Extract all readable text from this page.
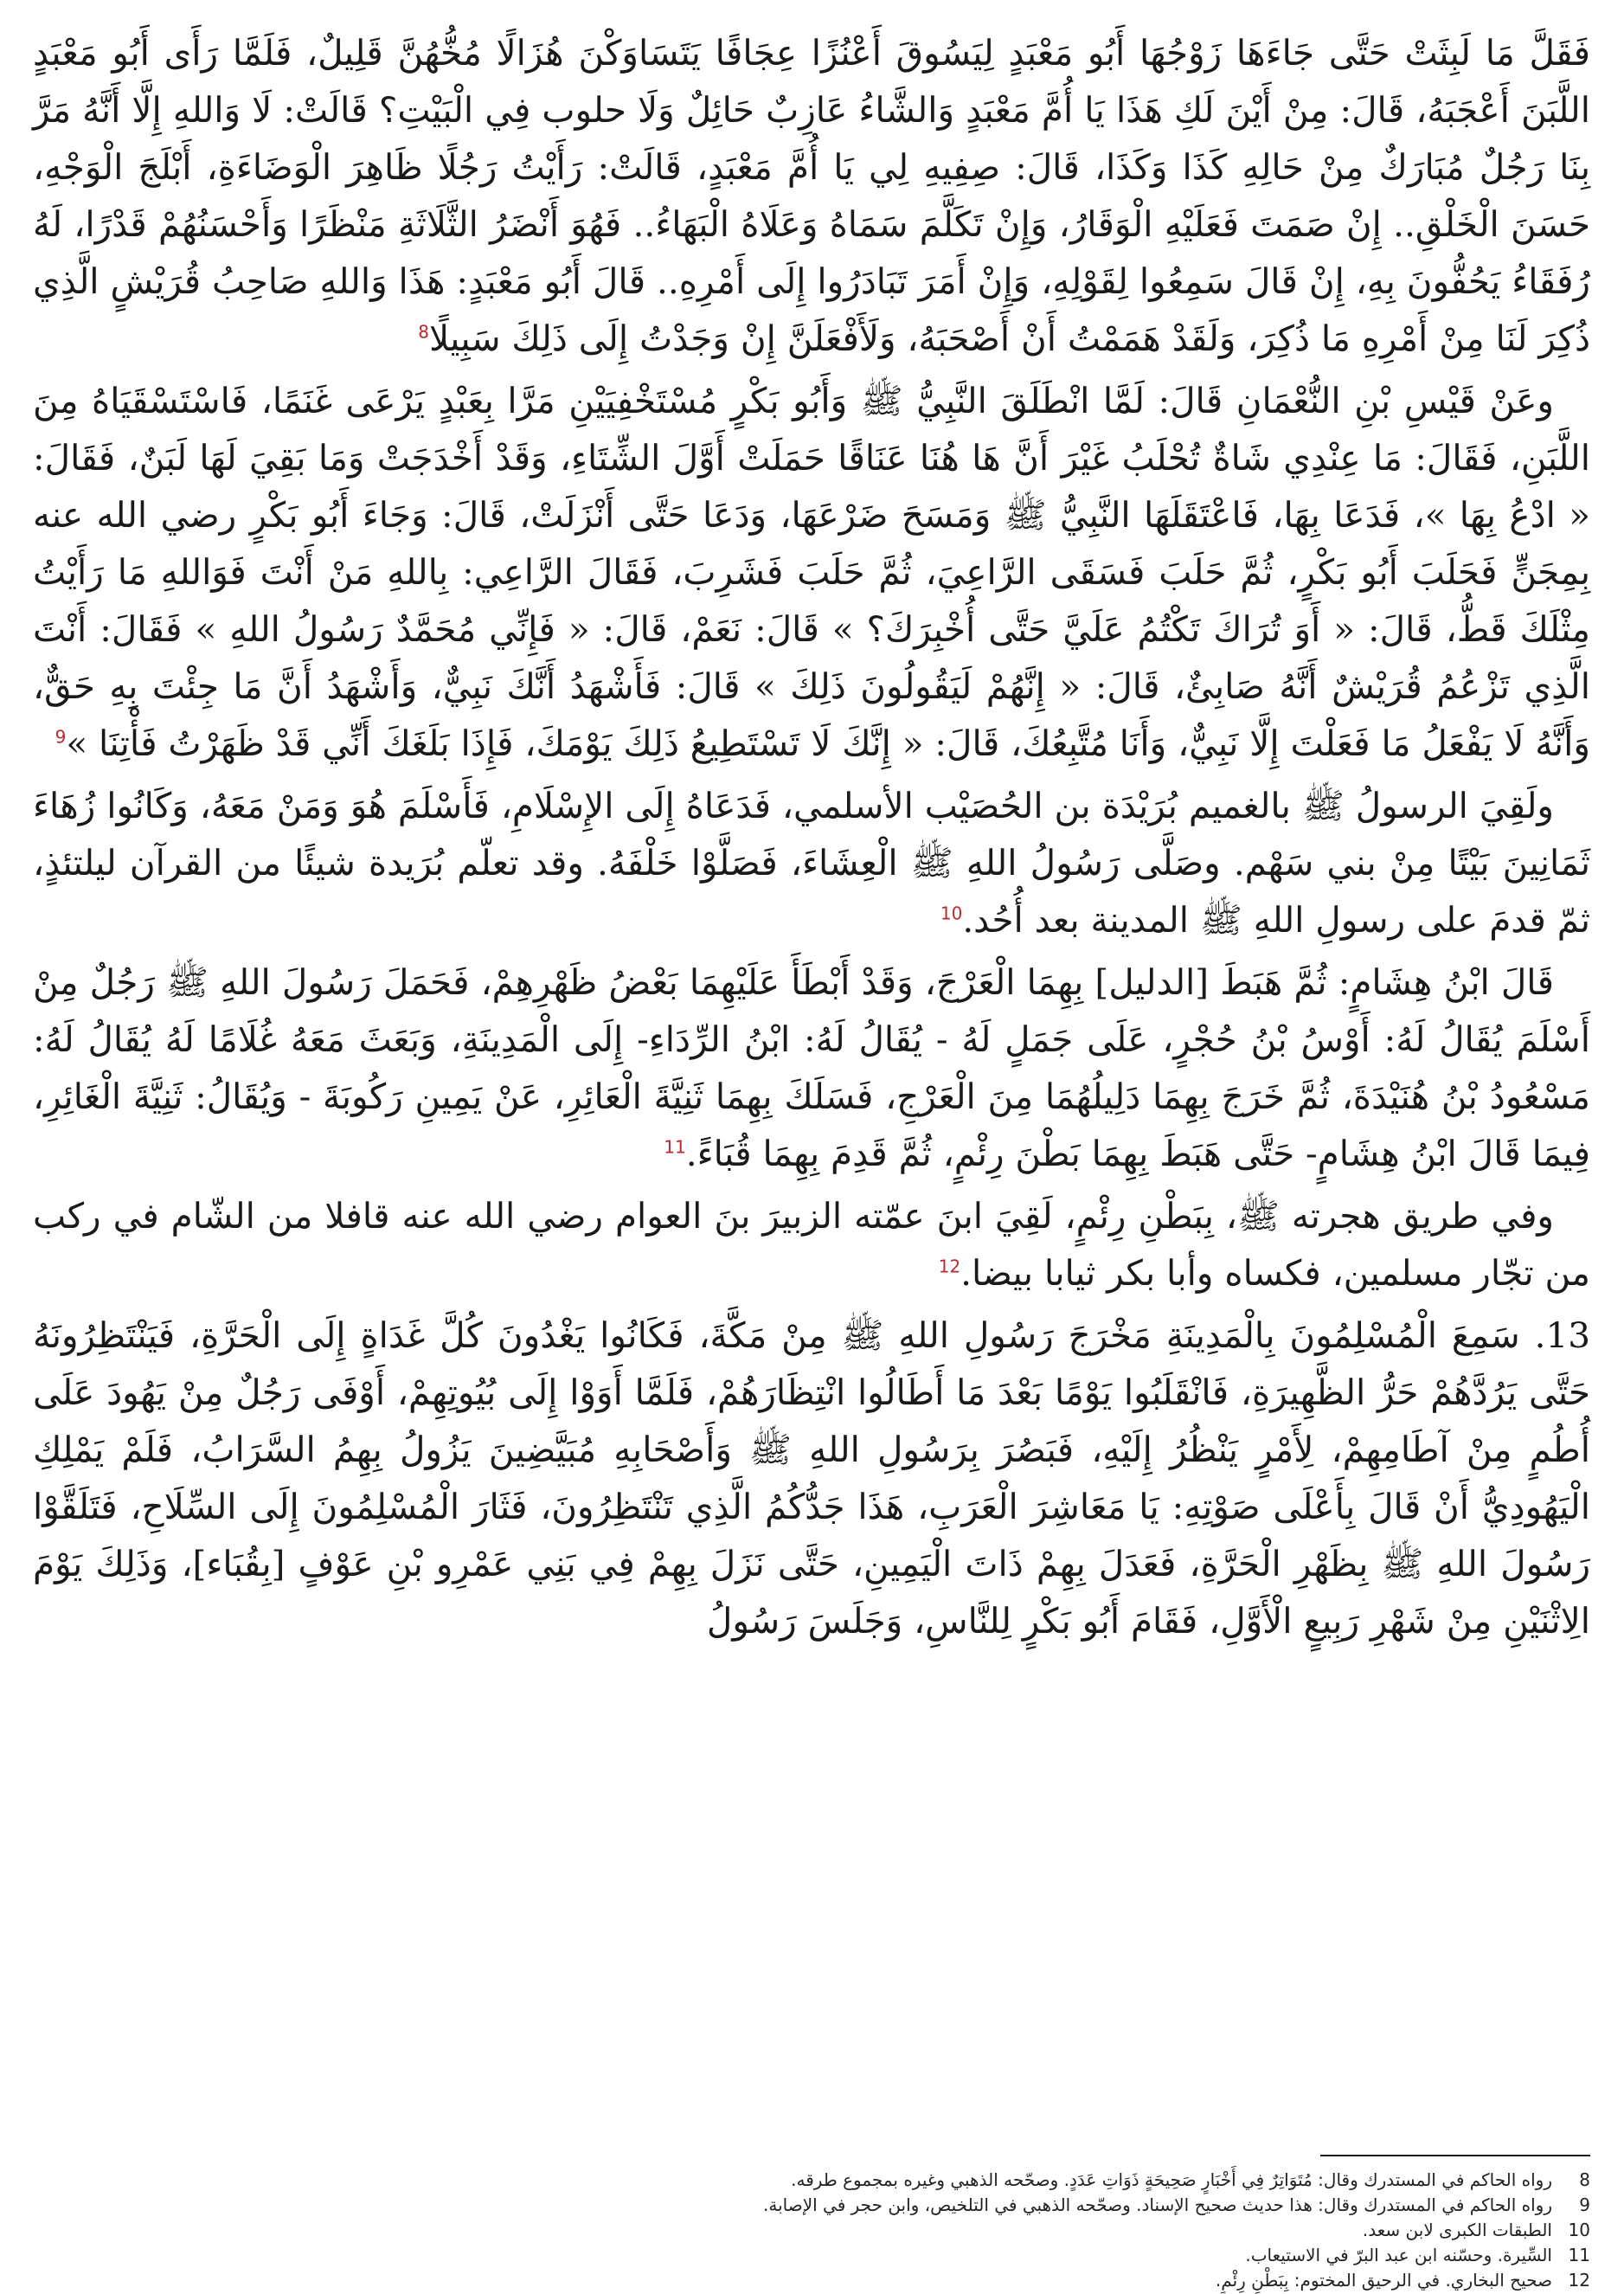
فَقَلَّ مَا لَبِثَتْ حَتَّى جَاءَهَا زَوْجُهَا أَبُو مَعْبَدٍ لِيَسُوقَ أَعْنُزًا عِجَافًا يَتَسَاوَكْنَ هُزَالًا مُخُّهُنَّ قَلِيلٌ، فَلَمَّا رَأَى أَبُو مَعْبَدٍ اللَّبَنَ أَعْجَبَهُ، قَالَ: مِنْ أَيْنَ لَكِ هَذَا يَا أُمَّ مَعْبَدٍ وَالشَّاءُ عَازِبٌ حَائِلٌ وَلَا حلوب فِي الْبَيْتِ؟ قَالَتْ: لَا وَاللهِ إِلَّا أَنَّهُ مَرَّ بِنَا رَجُلٌ مُبَارَكٌ مِنْ حَالِهِ كَذَا وَكَذَا، قَالَ: صِفِيهِ لِي يَا أُمَّ مَعْبَدٍ، قَالَتْ: رَأَيْتُ رَجُلًا ظَاهِرَ الْوَضَاءَةِ، أَبْلَجَ الْوَجْهِ، حَسَنَ الْخَلْقِ.. إِنْ صَمَتَ فَعَلَيْهِ الْوَقَارُ، وَإِنْ تَكَلَّمَ سَمَاهُ وَعَلَاهُ الْبَهَاءُ.. فَهُوَ أَنْضَرُ الثَّلَاثَةِ مَنْظَرًا وَأَحْسَنُهُمْ قَدْرًا، لَهُ رُفَقَاءُ يَحُفُّونَ بِهِ، إِنْ قَالَ سَمِعُوا لِقَوْلِهِ، وَإِنْ أَمَرَ تَبَادَرُوا إِلَى أَمْرِهِ.. قَالَ أَبُو مَعْبَدٍ: هَذَا وَاللهِ صَاحِبُ قُرَيْشٍ الَّذِي ذُكِرَ لَنَا مِنْ أَمْرِهِ مَا ذُكِرَ، وَلَقَدْ هَمَمْتُ أَنْ أَصْحَبَهُ، وَلَأَفْعَلَنَّ إِنْ وَجَدْتُ إِلَى ذَلِكَ سَبِيلًا$^8$

وعَنْ قَيْسِ بْنِ النُّعْمَانِ قَالَ: لَمَّا انْطَلَقَ النَّبِيُّ ﷺ وَأَبُو بَكْرٍ مُسْتَخْفِيَيْنِ مَرَّا بِعَبْدٍ يَرْعَى غَنَمًا، فَاسْتَسْقَيَاهُ مِنَ اللَّبَنِ، فَقَالَ: مَا عِنْدِي شَاةٌ تُحْلَبُ غَيْرَ أَنَّ هَا هُنَا عَنَاقًا حَمَلَتْ أَوَّلَ الشِّتَاءِ، وَقَدْ أَخْدَجَتْ وَمَا بَقِيَ لَهَا لَبَنٌ، فَقَالَ: « ادْعُ بِهَا »، فَدَعَا بِهَا، فَاعْتَقَلَهَا النَّبِيُّ ﷺ وَمَسَحَ ضَرْعَهَا، وَدَعَا حَتَّى أَنْزَلَتْ، قَالَ: وَجَاءَ أَبُو بَكْرٍ رضي الله عنه بِمِجَنٍّ فَحَلَبَ أَبُو بَكْرٍ، ثُمَّ حَلَبَ فَسَقَى الرَّاعِيَ، ثُمَّ حَلَبَ فَشَرِبَ، فَقَالَ الرَّاعِي: بِاللهِ مَنْ أَنْتَ فَوَاللهِ مَا رَأَيْتُ مِثْلَكَ قَطُّ، قَالَ: « أَوَ تُرَاكَ تَكْتُمُ عَلَيَّ حَتَّى أُخْبِرَكَ؟ » قَالَ: نَعَمْ، قَالَ: « فَإِنِّي مُحَمَّدٌ رَسُولُ اللهِ » فَقَالَ: أَنْتَ الَّذِي تَزْعُمُ قُرَيْشٌ أَنَّهُ صَابِئٌ، قَالَ: « إِنَّهُمْ لَيَقُولُونَ ذَلِكَ » قَالَ: فَأَشْهَدُ أَنَّكَ نَبِيٌّ، وَأَشْهَدُ أَنَّ مَا جِئْتَ بِهِ حَقٌّ، وَأَنَّهُ لَا يَفْعَلُ مَا فَعَلْتَ إِلَّا نَبِيٌّ، وَأَنَا مُتَّبِعُكَ، قَالَ: « إِنَّكَ لَا تَسْتَطِيعُ ذَلِكَ يَوْمَكَ، فَإِذَا بَلَغَكَ أَنِّي قَدْ ظَهَرْتُ فَأْتِنَا »$^9$

ولَقِيَ الرسولُ ﷺ بالغميم بُرَيْدَة بن الحُصَيْب الأسلمي، فَدَعَاهُ إِلَى الإِسْلَامِ، فَأَسْلَمَ هُوَ وَمَنْ مَعَهُ، وَكَانُوا زُهَاءَ ثَمَانِينَ بَيْتًا مِنْ بني سَهْم. وصَلَّى رَسُولُ اللهِ ﷺ الْعِشَاءَ، فَصَلَّوْا خَلْفَهُ. وقد تعلّم بُرَيدة شيئًا من القرآن ليلتئذٍ، ثمّ قدمَ على رسولِ اللهِ ﷺ المدينة بعد أُحُد.$^{10}$

قَالَ ابْنُ هِشَامٍ: ثُمَّ هَبَطَ [الدليل] بِهِمَا الْعَرْجَ، وَقَدْ أَبْطَأَ عَلَيْهِمَا بَعْضُ ظَهْرِهِمْ، فَحَمَلَ رَسُولَ اللهِ ﷺ رَجُلٌ مِنْ أَسْلَمَ يُقَالُ لَهُ: أَوْسُ بْنُ حُجْرٍ، عَلَى جَمَلٍ لَهُ - يُقَالُ لَهُ: ابْنُ الرِّدَاءِ- إِلَى الْمَدِينَةِ، وَبَعَثَ مَعَهُ غُلَامًا لَهُ يُقَالُ لَهُ: مَسْعُودُ بْنُ هُنَيْدَةَ، ثُمَّ خَرَجَ بِهِمَا دَلِيلُهُمَا مِنَ الْعَرْجِ، فَسَلَكَ بِهِمَا ثَنِيَّةَ الْعَائِرِ، عَنْ يَمِينِ رَكُوبَةَ - وَيُقَالُ: ثَنِيَّةَ الْغَائِرِ، فِيمَا قَالَ ابْنُ هِشَامٍ- حَتَّى هَبَطَ بِهِمَا بَطْنَ رِئْمٍ، ثُمَّ قَدِمَ بِهِمَا قُبَاءً.$^{11}$

وفي طريق هجرته ﷺ، بِبَطْنِ رِئْمٍ، لَقِيَ ابنَ عمّته الزبيرَ بنَ العوام رضي الله عنه قافلا من الشّام في ركب من تجّار مسلمين، فكساه وأبا بكر ثيابا بيضا.$^{12}$

13. سَمِعَ الْمُسْلِمُونَ بِالْمَدِينَةِ مَخْرَجَ رَسُولِ اللهِ ﷺ مِنْ مَكَّةَ، فَكَانُوا يَغْدُونَ كُلَّ غَدَاةٍ إِلَى الْحَرَّةِ، فَيَنْتَظِرُونَهُ حَتَّى يَرُدَّهُمْ حَرُّ الظَّهِيرَةِ، فَانْقَلَبُوا يَوْمًا بَعْدَ مَا أَطَالُوا انْتِظَارَهُمْ، فَلَمَّا أَوَوْا إِلَى بُيُوتِهِمْ، أَوْفَى رَجُلٌ مِنْ يَهُودَ عَلَى أُطُمٍ مِنْ آطَامِهِمْ، لِأَمْرٍ يَنْظُرُ إِلَيْهِ، فَبَصُرَ بِرَسُولِ اللهِ ﷺ وَأَصْحَابِهِ مُبَيَّضِينَ يَزُولُ بِهِمُ السَّرَابُ، فَلَمْ يَمْلِكِ الْيَهُودِيُّ أَنْ قَالَ بِأَعْلَى صَوْتِهِ: يَا مَعَاشِرَ الْعَرَبِ، هَذَا جَدُّكُمُ الَّذِي تَنْتَظِرُونَ، فَثَارَ الْمُسْلِمُونَ إِلَى السِّلَاحِ، فَتَلَقَّوْا رَسُولَ اللهِ ﷺ بِظَهْرِ الْحَرَّةِ، فَعَدَلَ بِهِمْ ذَاتَ الْيَمِينِ، حَتَّى نَزَلَ بِهِمْ فِي بَنِي عَمْرِو بْنِ عَوْفٍ [بِقُبَاء]، وَذَلِكَ يَوْمَ الِاثْنَيْنِ مِنْ شَهْرِ رَبِيعٍ الْأَوَّلِ، فَقَامَ أَبُو بَكْرٍ لِلنَّاسِ، وَجَلَسَ رَسُولُ

8
رواه الحاكم في المستدرك وقال: مُتَوَاتِرٌ فِي أَخْبَارٍ صَحِيحَةٍ ذَوَاتِ عَدَدٍ. وصحّحه الذهبي وغيره بمجموع طرقه.
9
رواه الحاكم في المستدرك وقال: هذا حديث صحيح الإسناد. وصحّحه الذهبي في التلخيص، وابن حجر في الإصابة.
10
الطبقات الكبرى لابن سعد.
11
السِّيرة. وحسّنه ابن عبد البرّ في الاستيعاب.
12
صحيح البخاري. في الرحيق المختوم: بِبَطْنِ رِئْمٍ.
